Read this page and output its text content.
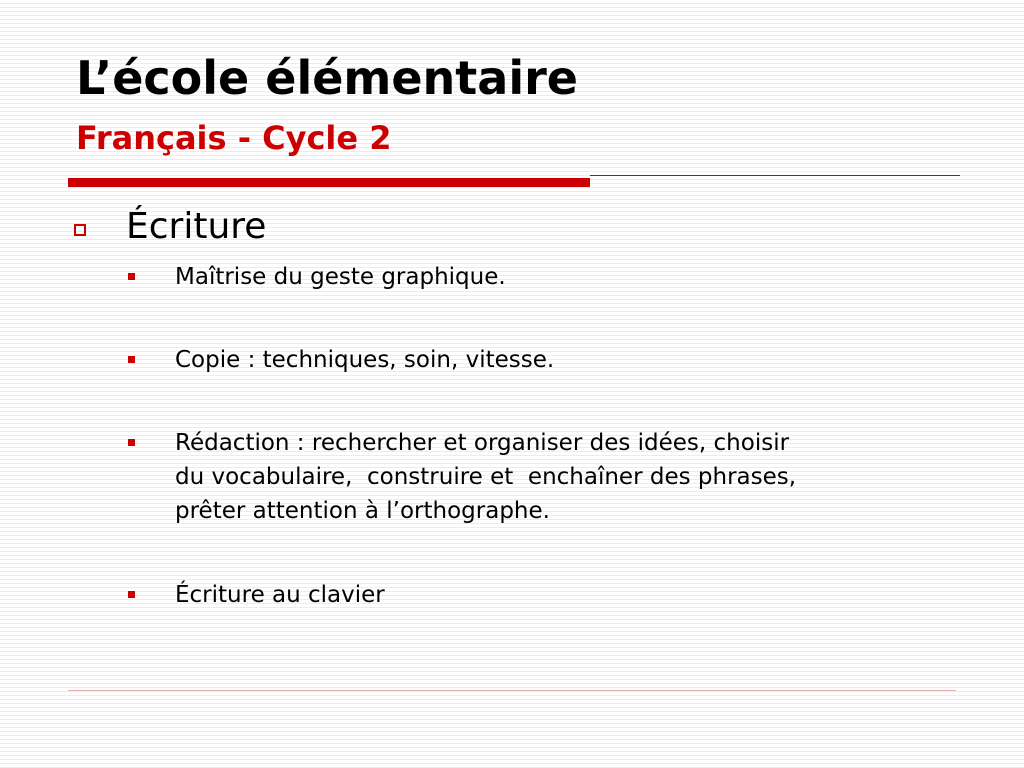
L’école élémentaire
Français - Cycle 2
Écriture
Maîtrise du geste graphique.
Copie : techniques, soin, vitesse.
Rédaction : rechercher et organiser des idées, choisir
du vocabulaire,  construire et  enchaîner des phrases,
prêter attention à l’orthographe.
Écriture au clavier
